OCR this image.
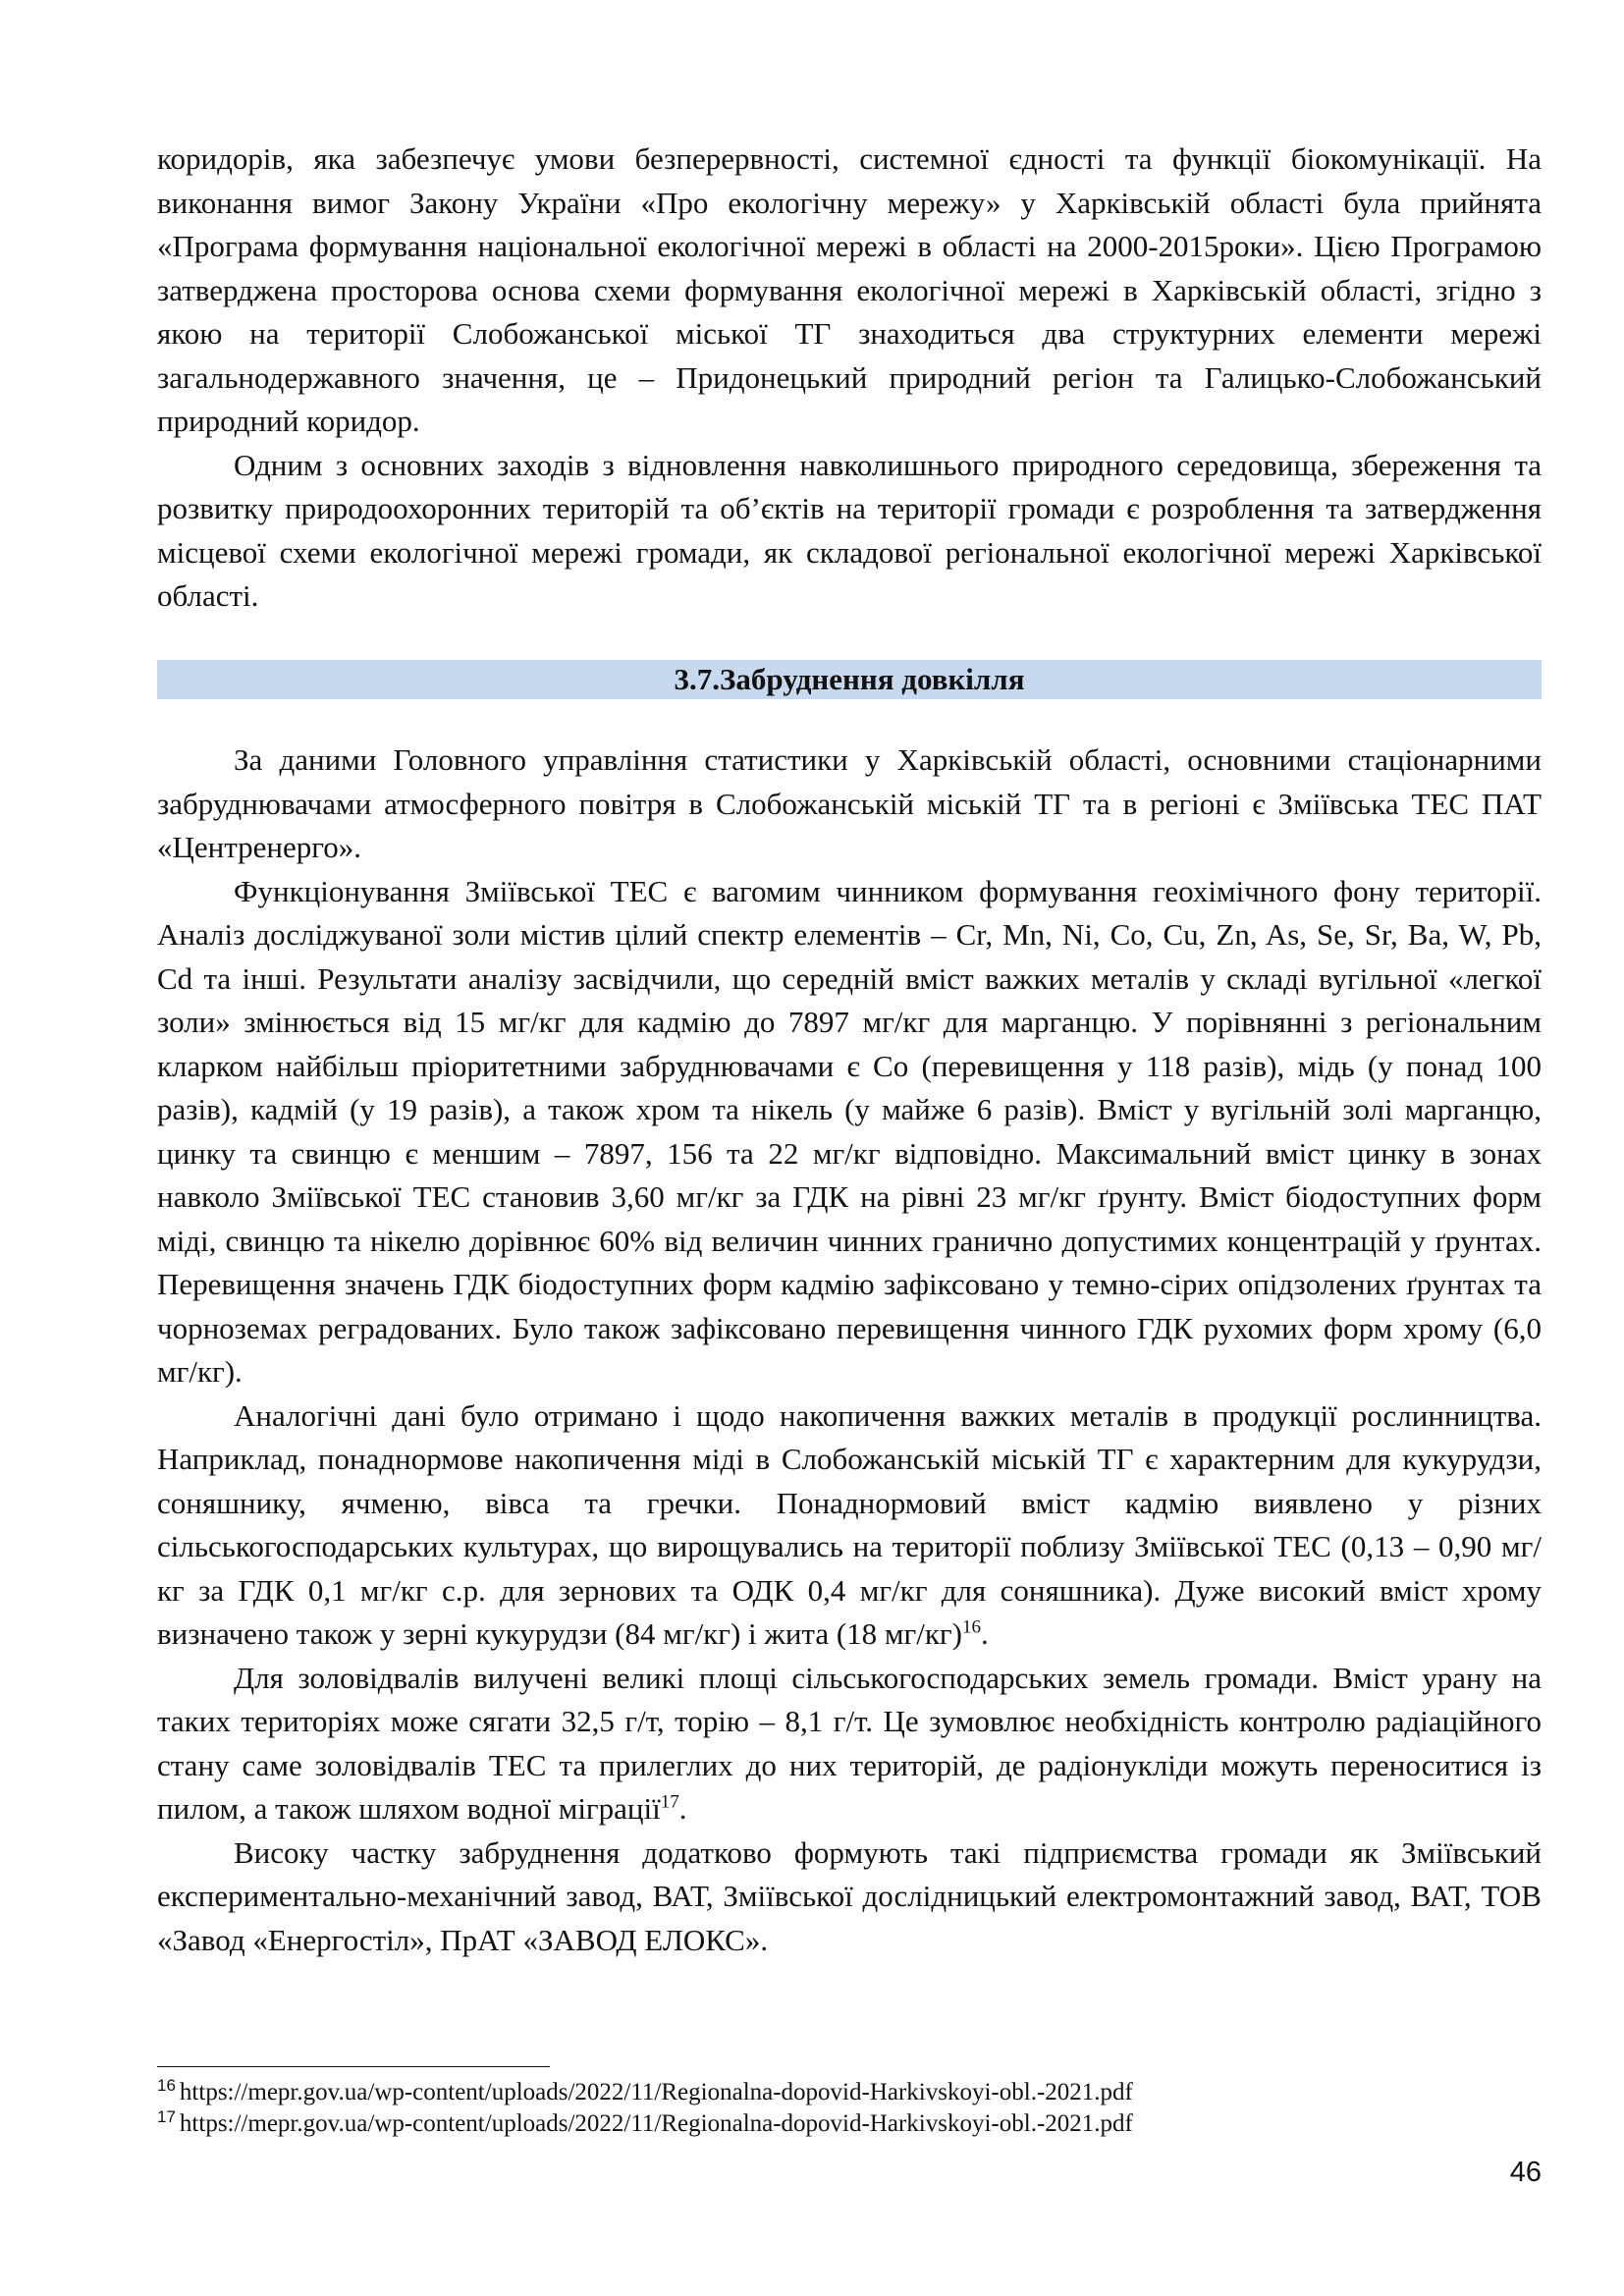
коридорів, яка забезпечує умови безперервності, системної єдності та функції біокомунікації. На виконання вимог Закону України «Про екологічну мережу» у Харківській області була прийнята «Програма формування національної екологічної мережі в області на 2000-2015роки». Цією Програмою затверджена просторова основа схеми формування екологічної мережі в Харківській області, згідно з якою на території Слобожанської міської ТГ знаходиться два структурних елементи мережі загальнодержавного значення, це – Придонецький природний регіон та Галицько-Слобожанський природний коридор.

Одним з основних заходів з відновлення навколишнього природного середовища, збереження та розвитку природоохоронних територій та об’єктів на території громади є розроблення та затвердження місцевої схеми екологічної мережі громади, як складової регіональної екологічної мережі Харківської області.

3.7.Забруднення довкілля

За даними Головного управління статистики у Харківській області, основними стаціонарними забруднювачами атмосферного повітря в Слобожанській міській ТГ та в регіоні є Зміївська ТЕС ПАТ «Центренерго».

Функціонування Зміївської ТЕС є вагомим чинником формування геохімічного фону території. Аналіз досліджуваної золи містив цілий спектр елементів – Cr, Mn, Ni, Co, Cu, Zn, As, Se, Sr, Ba, W, Pb, Cd та інші. Результати аналізу засвідчили, що середній вміст важких металів у складі вугільної «легкої золи» змінюється від 15 мг/кг для кадмію до 7897 мг/кг для марганцю. У порівнянні з регіональним кларком найбільш пріоритетними забруднювачами є Co (перевищення у 118 разів), мідь (у понад 100 разів), кадмій (у 19 разів), а також хром та нікель (у майже 6 разів). Вміст у вугільній золі марганцю, цинку та свинцю є меншим – 7897, 156 та 22 мг/кг відповідно. Максимальний вміст цинку в зонах навколо Зміївської ТЕС становив 3,60 мг/кг за ГДК на рівні 23 мг/кг ґрунту. Вміст біодоступних форм міді, свинцю та нікелю дорівнює 60% від величин чинних гранично допустимих концентрацій у ґрунтах. Перевищення значень ГДК біодоступних форм кадмію зафіксовано у темно-сірих опідзолених ґрунтах та чорноземах реградованих. Було також зафіксовано перевищення чинного ГДК рухомих форм хрому (6,0 мг/кг).

Аналогічні дані було отримано і щодо накопичення важких металів в продукції рослинництва. Наприклад, понаднормове накопичення міді в Слобожанській міській ТГ є характерним для кукурудзи, соняшнику, ячменю, вівса та гречки. Понаднормовий вміст кадмію виявлено у різних сільськогосподарських культурах, що вирощувались на території поблизу Зміївської ТЕС (0,13 – 0,90 мг/кг за ГДК 0,1 мг/кг с.р. для зернових та ОДК 0,4 мг/кг для соняшника). Дуже високий вміст хрому визначено також у зерні кукурудзи (84 мг/кг) і жита (18 мг/кг)$^{16}$.

Для золовідвалів вилучені великі площі сільськогосподарських земель громади. Вміст урану на таких територіях може сягати 32,5 г/т, торію – 8,1 г/т. Це зумовлює необхідність контролю радіаційного стану саме золовідвалів ТЕС та прилеглих до них територій, де радіонукліди можуть переноситися із пилом, а також шляхом водної міграції$^{17}$.

Високу частку забруднення додатково формують такі підприємства громади як Зміївський експериментально-механічний завод, ВАТ, Зміївської дослідницький електромонтажний завод, ВАТ, ТОВ «Завод «Енергостіл», ПрАТ «ЗАВОД ЕЛОКС».

$^{16}$ https://mepr.gov.ua/wp-content/uploads/2022/11/Regionalna-dopovid-Harkivskoyi-obl.-2021.pdf
$^{17}$ https://mepr.gov.ua/wp-content/uploads/2022/11/Regionalna-dopovid-Harkivskoyi-obl.-2021.pdf
46
